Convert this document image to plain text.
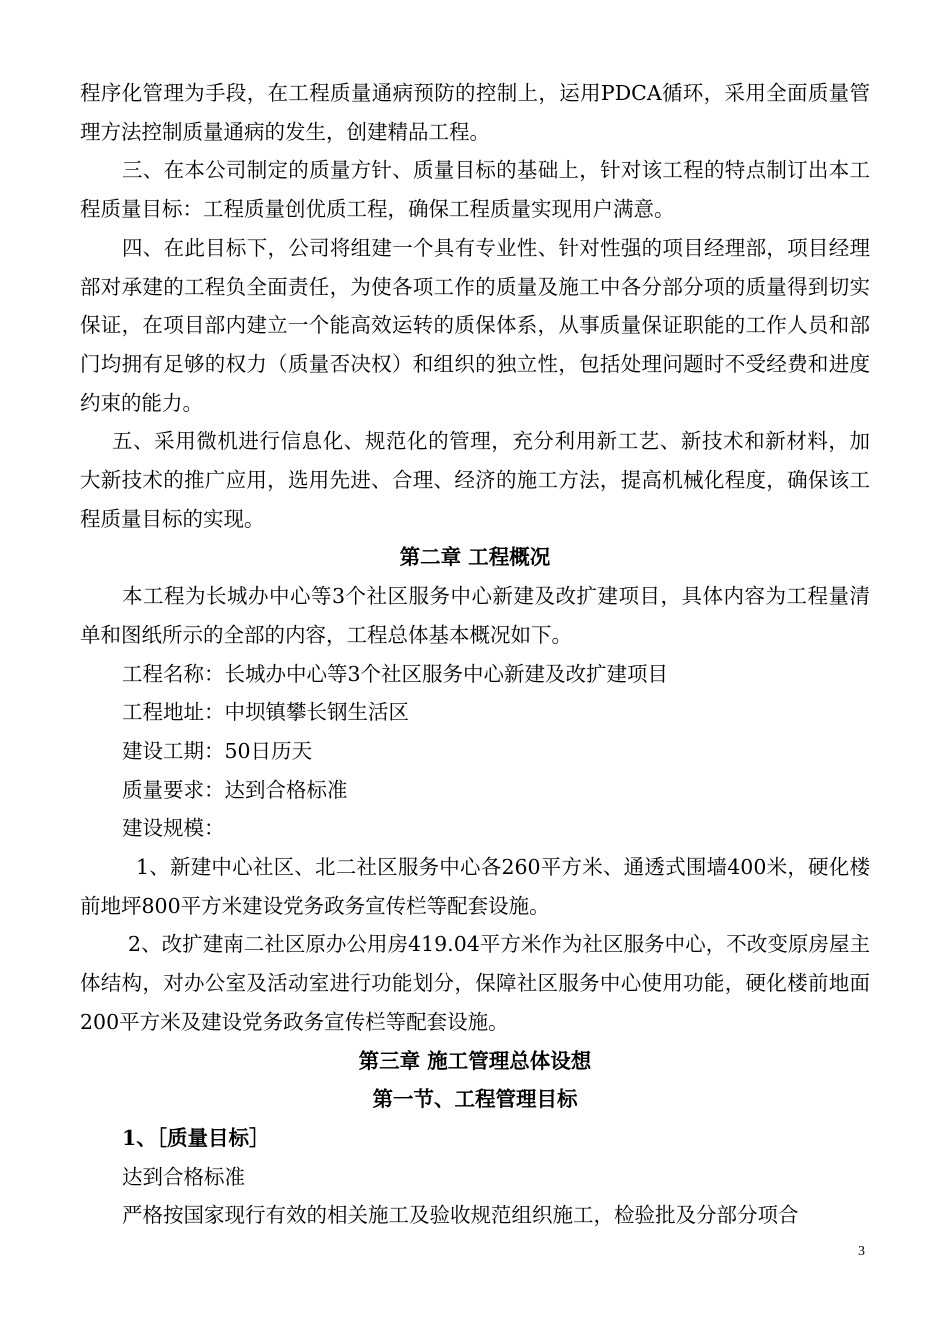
程序化管理为手段，在工程质量通病预防的控制上，运用PDCA循环，采用全面质量管理方法控制质量通病的发生，创建精品工程。

三、在本公司制定的质量方针、质量目标的基础上，针对该工程的特点制订出本工程质量目标：工程质量创优质工程，确保工程质量实现用户满意。

四、在此目标下，公司将组建一个具有专业性、针对性强的项目经理部，项目经理部对承建的工程负全面责任，为使各项工作的质量及施工中各分部分项的质量得到切实保证，在项目部内建立一个能高效运转的质保体系，从事质量保证职能的工作人员和部门均拥有足够的权力（质量否决权）和组织的独立性，包括处理问题时不受经费和进度约束的能力。

五、采用微机进行信息化、规范化的管理，充分利用新工艺、新技术和新材料，加大新技术的推广应用，选用先进、合理、经济的施工方法，提高机械化程度，确保该工程质量目标的实现。

第二章 工程概况

本工程为长城办中心等3个社区服务中心新建及改扩建项目，具体内容为工程量清单和图纸所示的全部的内容，工程总体基本概况如下。

工程名称：长城办中心等3个社区服务中心新建及改扩建项目

工程地址：中坝镇攀长钢生活区

建设工期：50日历天

质量要求：达到合格标准

建设规模：

1、新建中心社区、北二社区服务中心各260平方米、通透式围墙400米，硬化楼前地坪800平方米建设党务政务宣传栏等配套设施。

2、改扩建南二社区原办公用房419.04平方米作为社区服务中心，不改变原房屋主体结构，对办公室及活动室进行功能划分，保障社区服务中心使用功能，硬化楼前地面200平方米及建设党务政务宣传栏等配套设施。

第三章 施工管理总体设想

第一节、工程管理目标

1、［质量目标］

达到合格标准

严格按国家现行有效的相关施工及验收规范组织施工，检验批及分部分项合

3
